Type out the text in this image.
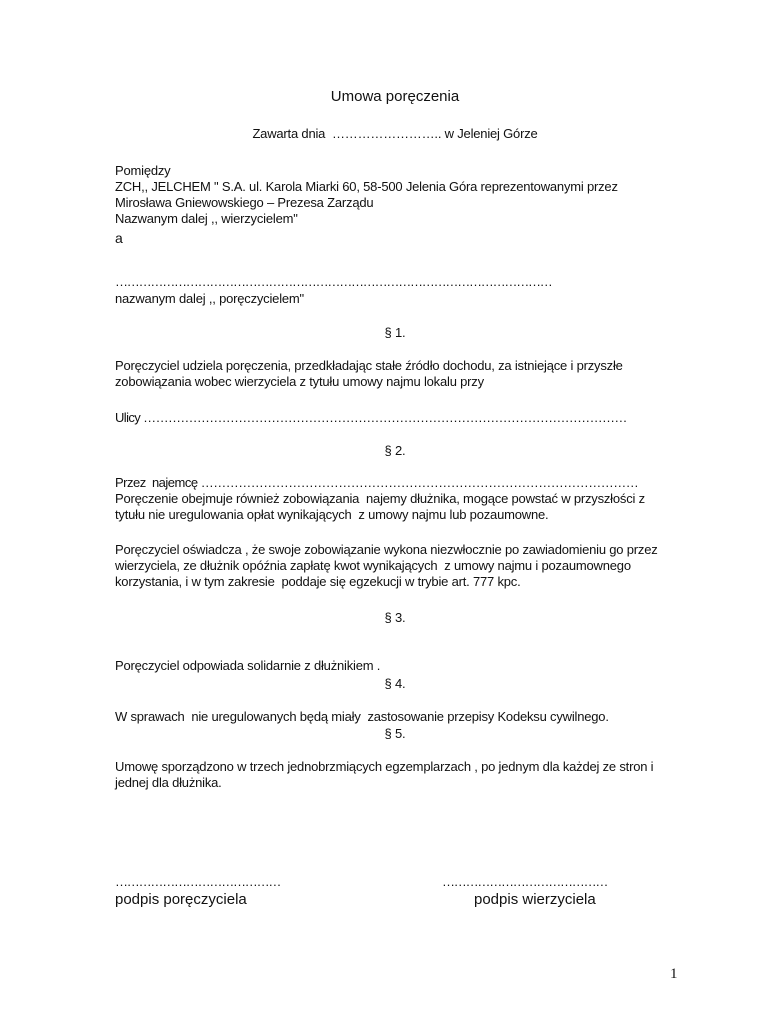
Umowa poręczenia
Zawarta dnia  …………………….. w Jeleniej Górze
Pomiędzy
ZCH,, JELCHEM " S.A. ul. Karola Miarki 60, 58-500 Jelenia Góra reprezentowanymi przez
Mirosława Gniewowskiego – Prezesa Zarządu
Nazwanym dalej ,, wierzycielem"
a
…………………………………………………………………………………………………
nazwanym dalej ,, poręczycielem"
§ 1.
Poręczyciel udziela poręczenia, przedkładając stałe źródło dochodu, za istniejące i przyszłe
zobowiązania wobec wierzyciela z tytułu umowy najmu lokalu przy
Ulicy ………………………………………………………………………………………………………
§ 2.
Przez  najemcę ……………………………………………………………………………………………
Poręczenie obejmuje również zobowiązania  najemy dłużnika, mogące powstać w przyszłości z
tytułu nie uregulowania opłat wynikających  z umowy najmu lub pozaumowne.
Poręczyciel oświadcza , że swoje zobowiązanie wykona niezwłocznie po zawiadomieniu go przez
wierzyciela, ze dłużnik opóźnia zapłatę kwot wynikających  z umowy najmu i pozaumownego
korzystania, i w tym zakresie  poddaje się egzekucji w trybie art. 777 kpc.
§ 3.
Poręczyciel odpowiada solidarnie z dłużnikiem .
§ 4.
W sprawach  nie uregulowanych będą miały  zastosowanie przepisy Kodeksu cywilnego.
§ 5.
Umowę sporządzono w trzech jednobrzmiących egzemplarzach , po jednym dla każdej ze stron i
jednej dla dłużnika.
……………………………………
podpis poręczyciela
……………………………………
podpis wierzyciela
1
